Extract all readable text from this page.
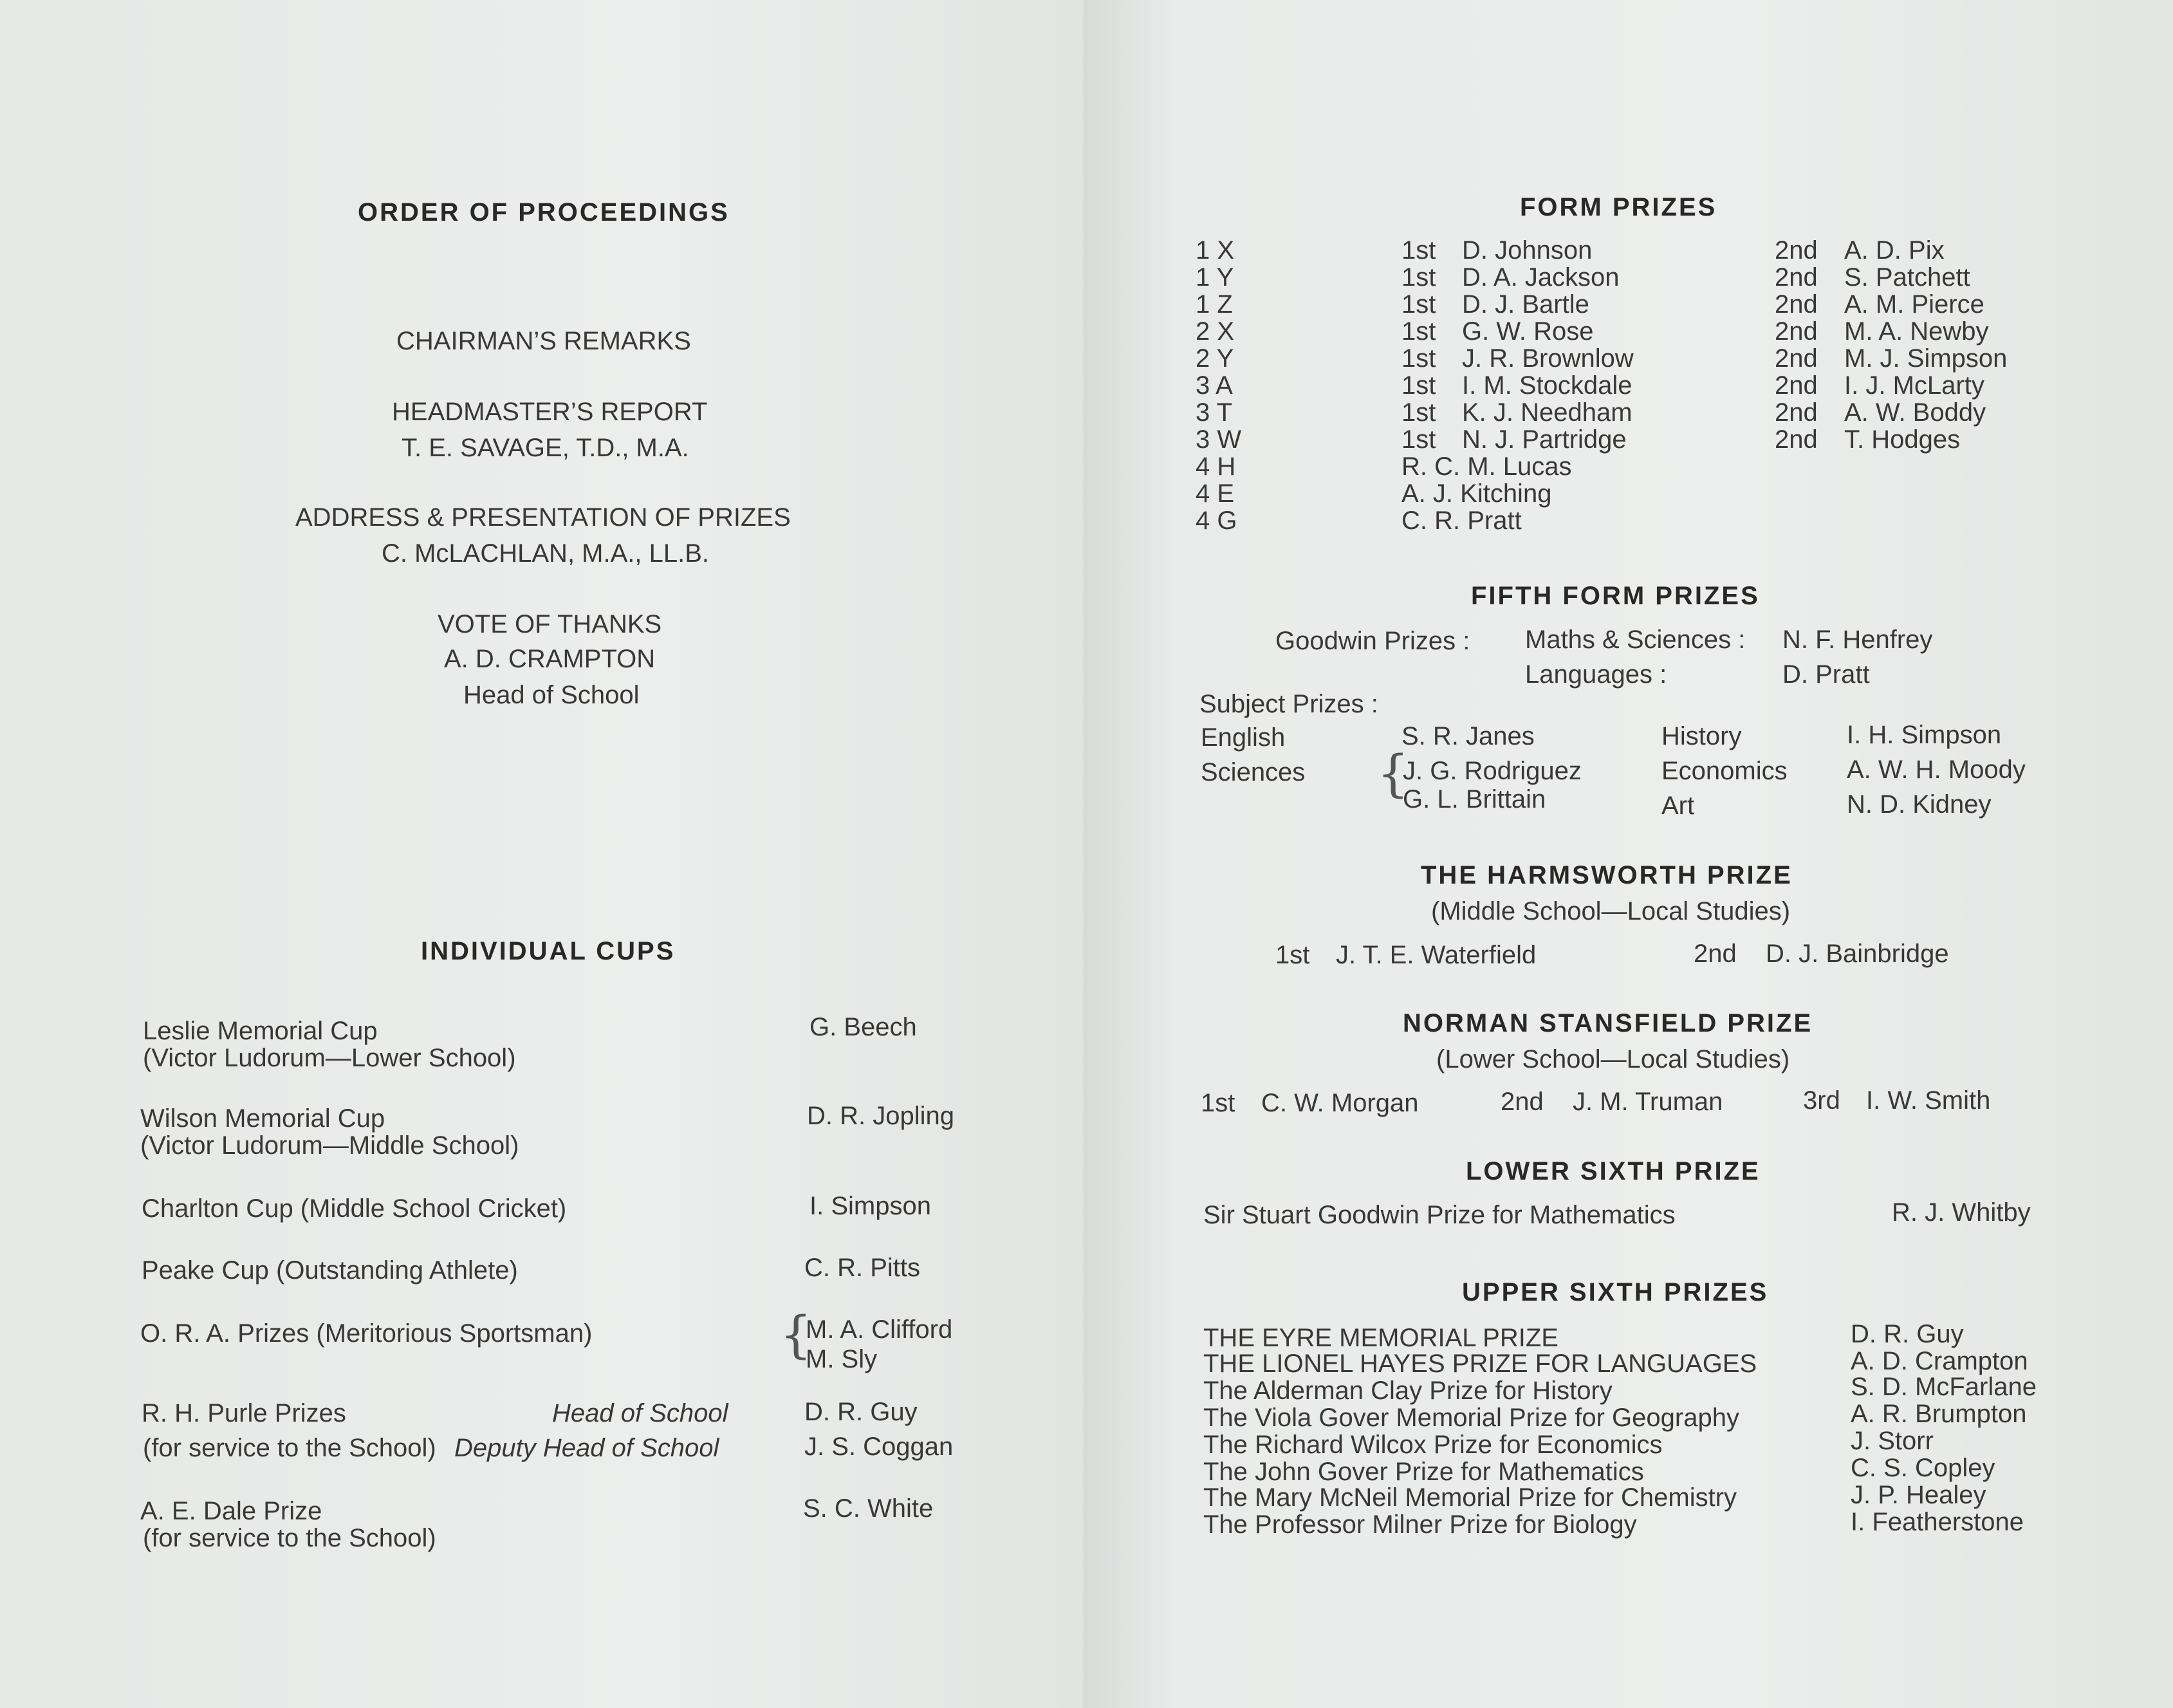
ORDER OF PROCEEDINGS
CHAIRMAN’S REMARKS
HEADMASTER’S REPORT
T. E. SAVAGE, T.D., M.A.
ADDRESS & PRESENTATION OF PRIZES
C. McLACHLAN, M.A., LL.B.
VOTE OF THANKS
A. D. CRAMPTON
Head of School
INDIVIDUAL CUPS
Leslie Memorial Cup
(Victor Ludorum—Lower School)
G. Beech
Wilson Memorial Cup
(Victor Ludorum—Middle School)
D. R. Jopling
Charlton Cup (Middle School Cricket)	I. Simpson
Peake Cup (Outstanding Athlete)	C. R. Pitts
O. R. A. Prizes (Meritorious Sportsman)	{
M. A. Clifford
M. Sly
R. H. Purle Prizes	Head of School	D. R. Guy
(for service to the School) Deputy Head of School	J. S. Coggan
A. E. Dale Prize
(for service to the School)
S. C. White
FORM PRIZES
1 X	1st D. Johnson	2nd A. D. Pix
1 Y	1st D. A. Jackson	2nd S. Patchett
1 Z	1st D. J. Bartle	2nd A. M. Pierce
2 X	1st G. W. Rose	2nd M. A. Newby
2 Y	1st J. R. Brownlow	2nd M. J. Simpson
3 A	1st I. M. Stockdale	2nd I. J. McLarty
3 T	1st K. J. Needham	2nd A. W. Boddy
3 W	1st N. J. Partridge	2nd T. Hodges
4 H	R. C. M. Lucas
4 E	A. J. Kitching
4 G	C. R. Pratt
FIFTH FORM PRIZES
Goodwin Prizes : Maths & Sciences : N. F. Henfrey
Languages :	D. Pratt
Subject Prizes :
English	S. R. Janes
Sciences {
J. G. Rodriguez
G. L. Brittain
History	I. H. Simpson
Economics A. W. H. Moody
Art	N. D. Kidney
THE HARMSWORTH PRIZE
(Middle School—Local Studies)
1st J. T. E. Waterfield	2nd D. J. Bainbridge
NORMAN STANSFIELD PRIZE
(Lower School—Local Studies)
1st C. W. Morgan	2nd J. M. Truman	3rd I. W. Smith
LOWER SIXTH PRIZE
Sir Stuart Goodwin Prize for Mathematics	R. J. Whitby
UPPER SIXTH PRIZES
THE EYRE MEMORIAL PRIZE	D. R. Guy
THE LIONEL HAYES PRIZE FOR LANGUAGES	A. D. Crampton
The Alderman Clay Prize for History	S. D. McFarlane
The Viola Gover Memorial Prize for Geography	A. R. Brumpton
The Richard Wilcox Prize for Economics	J. Storr
The John Gover Prize for Mathematics	C. S. Copley
The Mary McNeil Memorial Prize for Chemistry	J. P. Healey
The Professor Milner Prize for Biology	I. Featherstone
